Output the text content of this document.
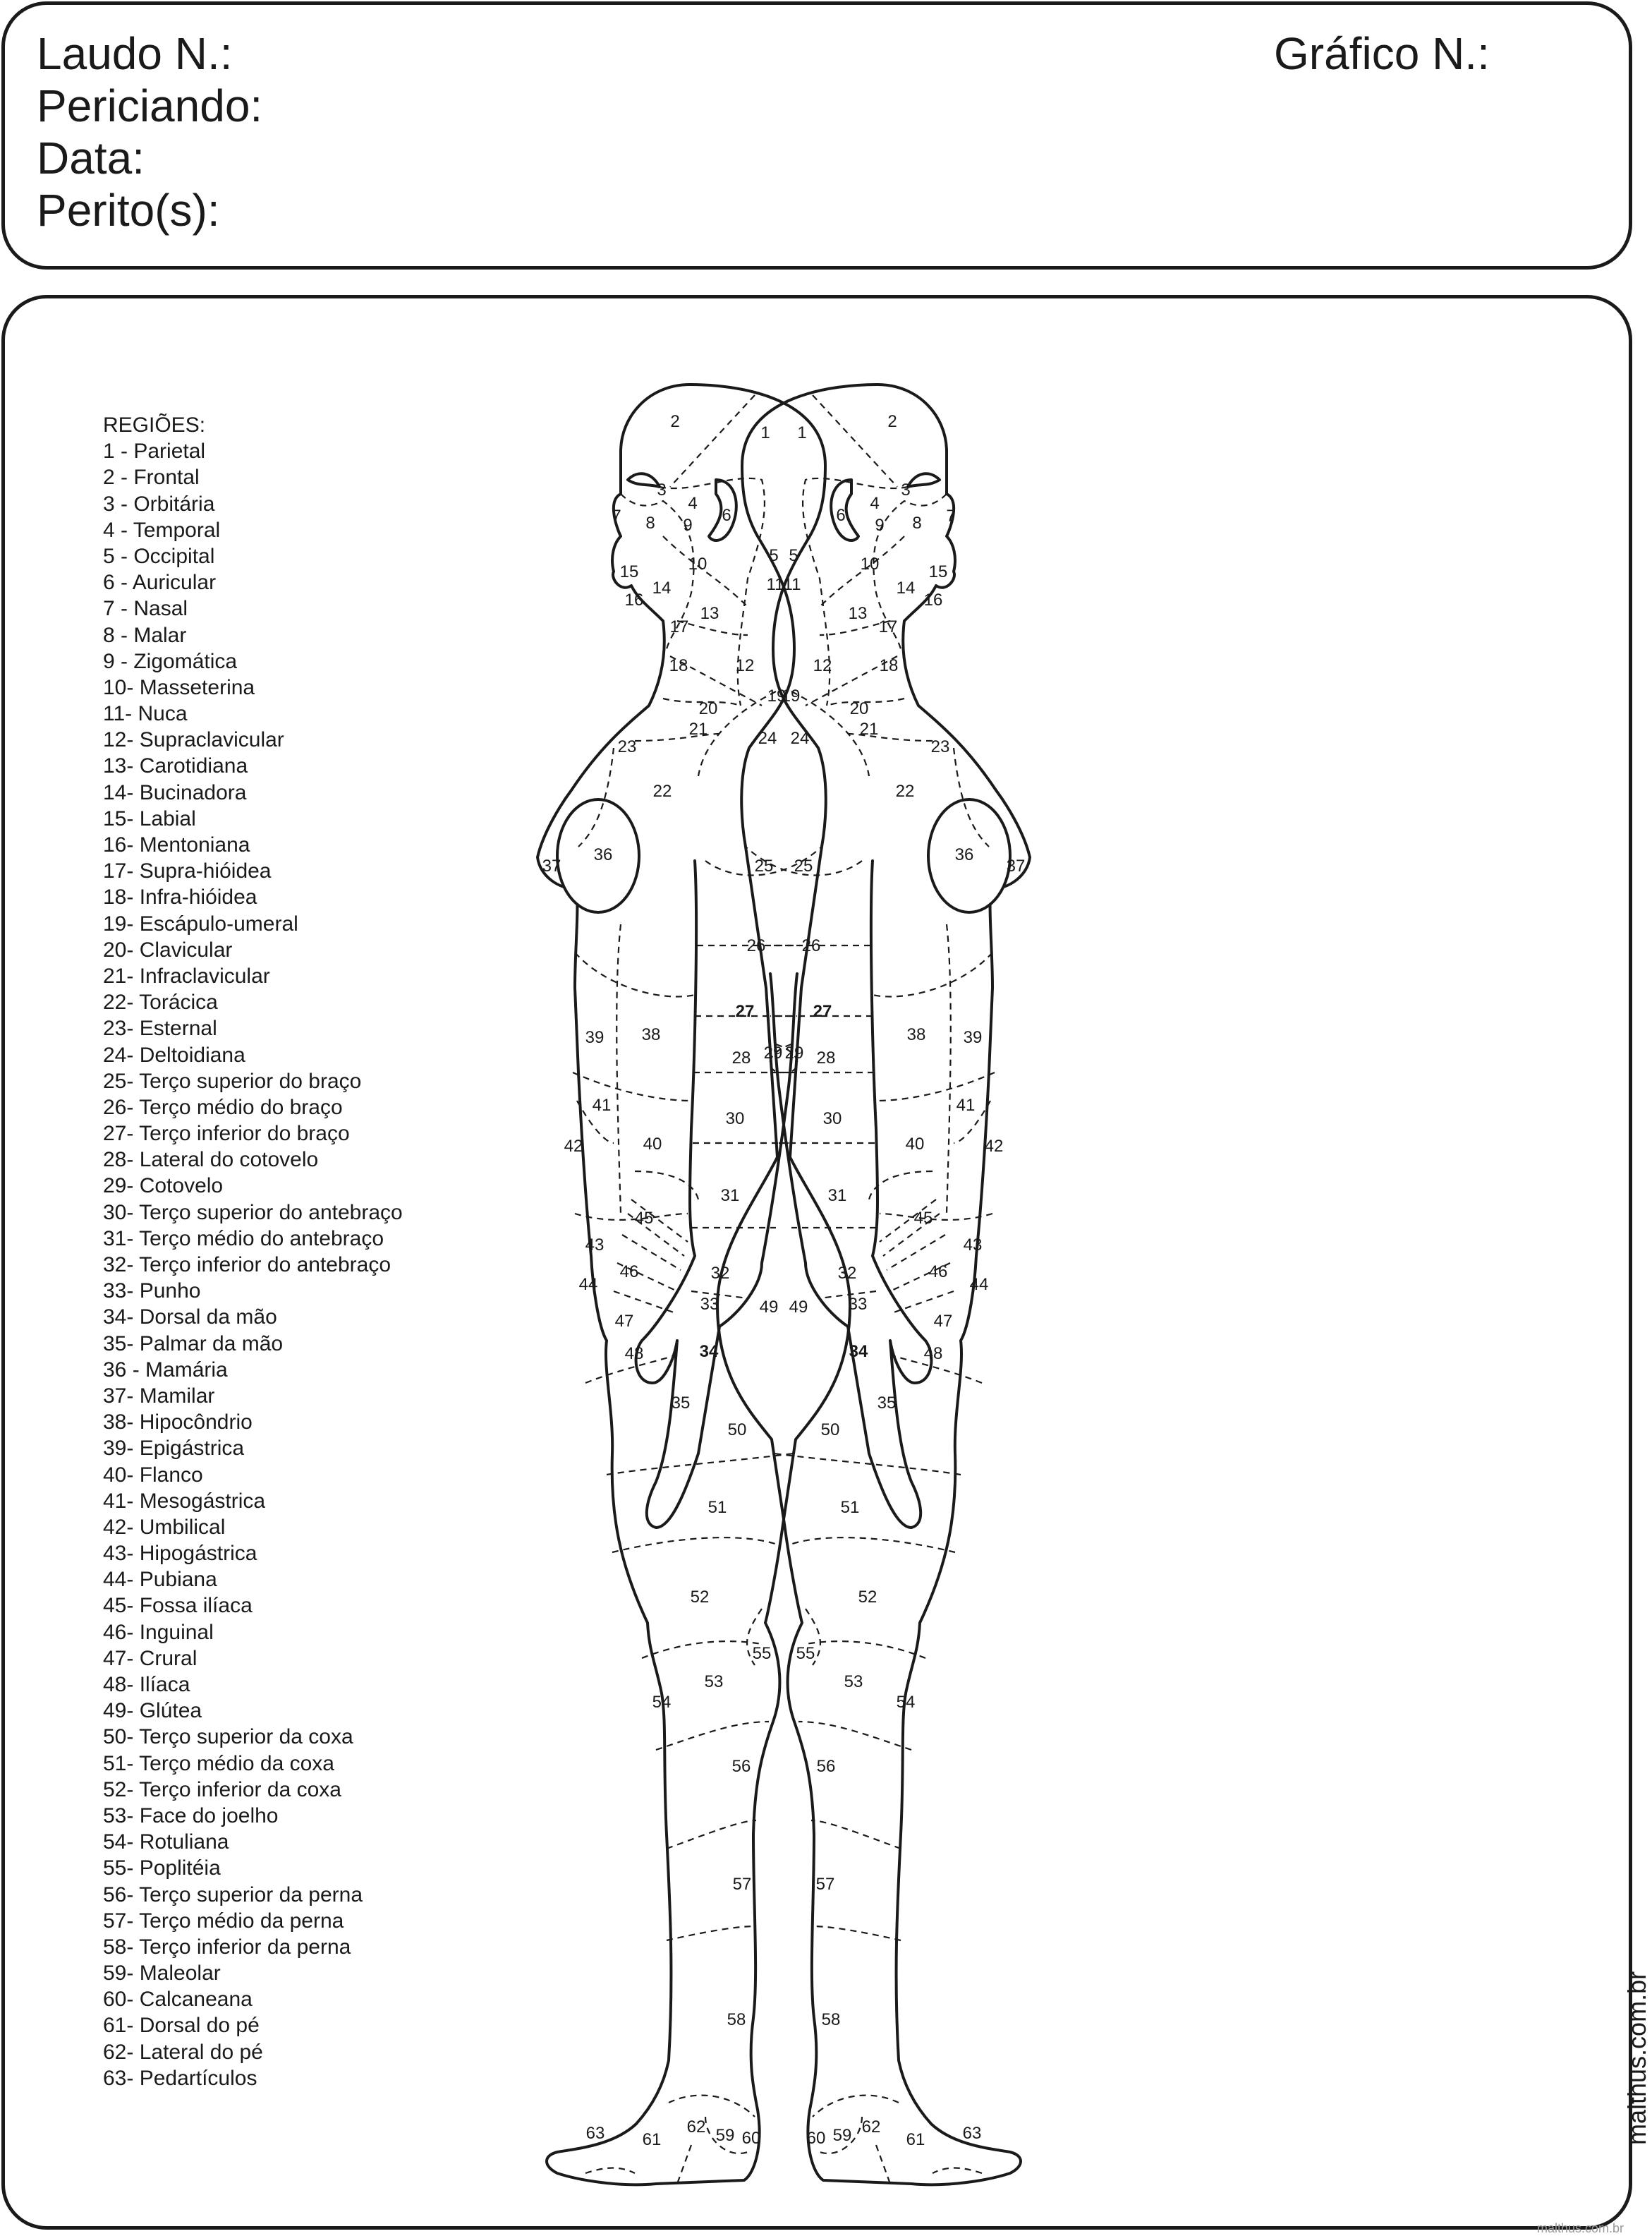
Laudo N.:
Periciando:
Data:
Perito(s):
Gráfico N.:
REGIÕES:
1 - Parietal
2 - Frontal
3 - Orbitária
4 - Temporal
5 - Occipital
6 - Auricular
7 - Nasal
8 - Malar
9 - Zigomática
10- Masseterina
11- Nuca
12- Supraclavicular
13- Carotidiana
14- Bucinadora
15- Labial
16- Mentoniana
17- Supra-hióidea
18- Infra-hióidea
19- Escápulo-umeral
20- Clavicular
21- Infraclavicular
22- Torácica
23- Esternal
24- Deltoidiana
25- Terço superior do braço
26- Terço médio do braço
27- Terço inferior do braço
28- Lateral do cotovelo
29- Cotovelo
30- Terço superior do antebraço
31- Terço médio do antebraço
32- Terço inferior do antebraço
33- Punho
34- Dorsal da mão
35- Palmar da mão
36 - Mamária
37- Mamilar
38- Hipocôndrio
39- Epigástrica
40- Flanco
41- Mesogástrica
42- Umbilical
43- Hipogástrica
44- Pubiana
45- Fossa ilíaca
46- Inguinal
47- Crural
48- Ilíaca
49- Glútea
50- Terço superior da coxa
51- Terço médio da coxa
52- Terço inferior da coxa
53- Face do joelho
54- Rotuliana
55- Poplitéia
56- Terço superior da perna
57- Terço médio da perna
58- Terço inferior da perna
59- Maleolar
60- Calcaneana
61- Dorsal do pé
62- Lateral do pé
63- Pedartículos
1
2
3
4
5
6
7 8 9
10
11
12
13
14
15
16
17
18
19
20
21
22
23	24
25
26
27
28 29
30
31
32
33
34
35
36
37
38
39
40
41
42
43
44
45
46
47
48
49
50
51
52
53
54
55
56
57
58
59 60
61
62
63
1
2
3
4
5
6	7
8
9
10
11
12
13
14
15
16
17
18
19
20
21
22
23
24
25
26
27
28
29
30
31
32
33
34
35
36
37
38 39
40
41
42
43
44
45
46
47
48
49
50
51
52
53
54
55
56
57
58
59
60	61
62	63	malthus.com.br
malthus.com.br
